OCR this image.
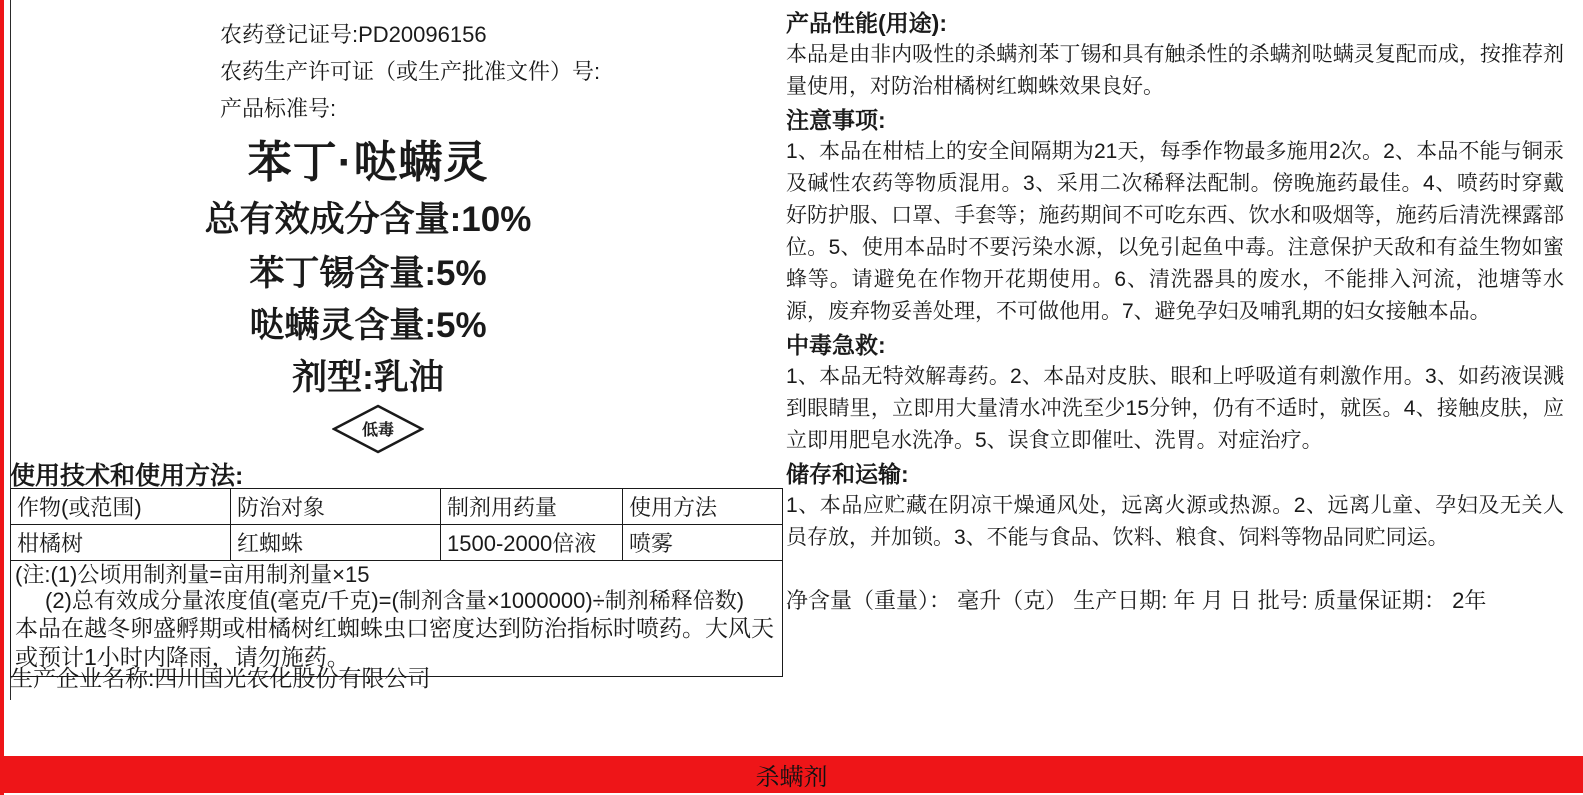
农药登记证号:PD20096156
农药生产许可证（或生产批准文件）号:
产品标准号:
苯丁·哒螨灵
总有效成分含量:10%
苯丁锡含量:5%
哒螨灵含量:5%
剂型:乳油
低毒
使用技术和使用方法:
作物(或范围)	防治对象	制剂用药量	使用方法
柑橘树	红蜘蛛	1500-2000倍液	喷雾

(注:(1)公顷用制剂量=亩用制剂量×15
(2)总有效成分量浓度值(毫克/千克)=(制剂含量×1000000)÷制剂稀释倍数)
本品在越冬卵盛孵期或柑橘树红蜘蛛虫口密度达到防治指标时喷药。大风天或预计1小时内降雨，请勿施药。			
生产企业名称:四川国光农化股份有限公司
产品性能(用途):
本品是由非内吸性的杀螨剂苯丁锡和具有触杀性的杀螨剂哒螨灵复配而成，按推荐剂量使用，对防治柑橘树红蜘蛛效果良好。
注意事项:
1、本品在柑桔上的安全间隔期为21天，每季作物最多施用2次。2、本品不能与铜汞及碱性农药等物质混用。3、采用二次稀释法配制。傍晚施药最佳。4、喷药时穿戴好防护服、口罩、手套等；施药期间不可吃东西、饮水和吸烟等，施药后清洗裸露部位。5、使用本品时不要污染水源，以免引起鱼中毒。注意保护天敌和有益生物如蜜蜂等。请避免在作物开花期使用。6、清洗器具的废水，不能排入河流，池塘等水源，废弃物妥善处理，不可做他用。7、避免孕妇及哺乳期的妇女接触本品。
中毒急救:
1、本品无特效解毒药。2、本品对皮肤、眼和上呼吸道有刺激作用。3、如药液误溅到眼睛里，立即用大量清水冲洗至少15分钟，仍有不适时，就医。4、接触皮肤，应立即用肥皂水洗净。5、误食立即催吐、洗胃。对症治疗。
储存和运输:
1、本品应贮藏在阴凉干燥通风处，远离火源或热源。2、远离儿童、孕妇及无关人员存放，并加锁。3、不能与食品、饮料、粮食、饲料等物品同贮同运。
净含量（重量）： 毫升（克） 生产日期: 年 月 日 批号: 质量保证期： 2年
杀螨剂
